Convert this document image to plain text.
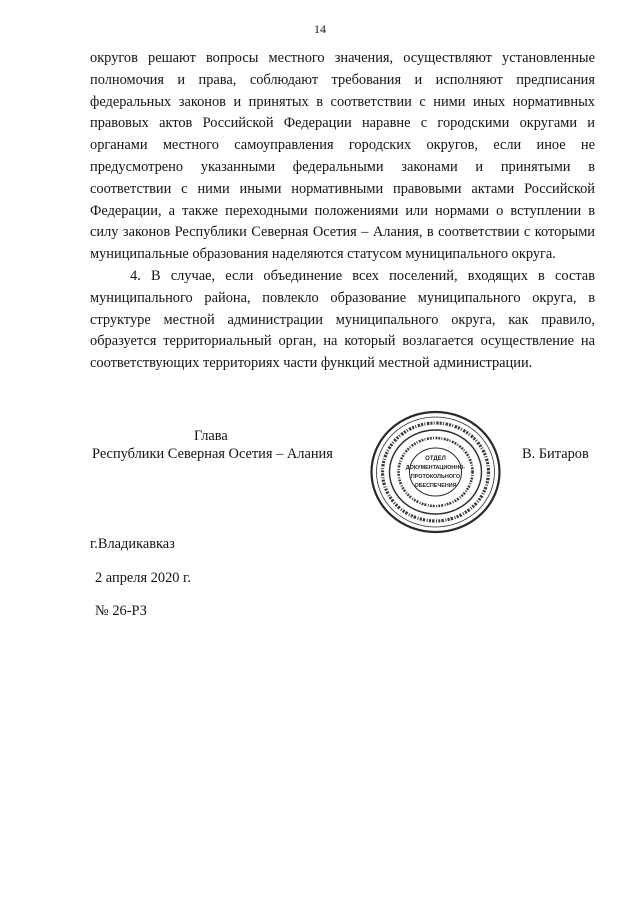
14

округов решают вопросы местного значения, осуществляют установленные полномочия и права, соблюдают требования и исполняют предписания федеральных законов и принятых в соответствии с ними иных нормативных правовых актов Российской Федерации наравне с городскими округами и органами местного самоуправления городских округов, если иное не предусмотрено указанными федеральными законами и принятыми в соответствии с ними иными нормативными правовыми актами Российской Федерации, а также переходными положениями или нормами о вступлении в силу законов Республики Северная Осетия – Алания, в соответствии с которыми муниципальные образования наделяются статусом муниципального округа.

4. В случае, если объединение всех поселений, входящих в состав муниципального района, повлекло образование муниципального округа, в структуре местной администрации муниципального округа, как правило, образуется территориальный орган, на который возлагается осуществление на соответствующих территориях части функций местной администрации.

Глава
Республики Северная Осетия – Алания	ОТДЕЛ
ДОКУМЕНТАЦИОННО-
ПРОТОКОЛЬНОГО
ОБЕСПЕЧЕНИЯ
В. Битаров
г.Владикавказ
2 апреля 2020 г.
№ 26-РЗ
